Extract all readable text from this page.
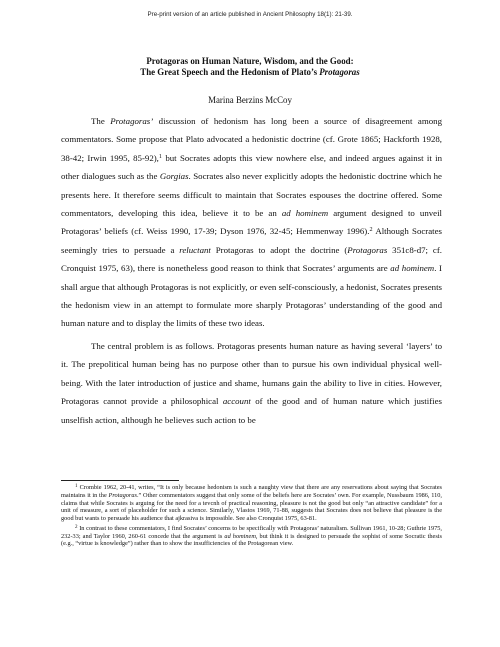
Pre-print version of an article published in Ancient Philosophy 18(1): 21-39.
Protagoras on Human Nature, Wisdom, and the Good:
The Great Speech and the Hedonism of Plato’s Protagoras
Marina Berzins McCoy

The Protagoras’ discussion of hedonism has long been a source of disagreement among commentators. Some propose that Plato advocated a hedonistic doctrine (cf. Grote 1865; Hackforth 1928, 38-42; Irwin 1995, 85-92),$^1$ but Socrates adopts this view nowhere else, and indeed argues against it in other dialogues such as the Gorgias. Socrates also never explicitly adopts the hedonistic doctrine which he presents here. It therefore seems difficult to maintain that Socrates espouses the doctrine offered. Some commentators, developing this idea, believe it to be an ad hominem argument designed to unveil Protagoras’ beliefs (cf. Weiss 1990, 17-39; Dyson 1976, 32-45; Hemmenway 1996).$^2$ Although Socrates seemingly tries to persuade a reluctant Protagoras to adopt the doctrine (Protagoras 351c8-d7; cf. Cronquist 1975, 63), there is nonetheless good reason to think that Socrates’ arguments are ad hominem. I shall argue that although Protagoras is not explicitly, or even self-consciously, a hedonist, Socrates presents the hedonism view in an attempt to formulate more sharply Protagoras’ understanding of the good and human nature and to display the limits of these two ideas.

The central problem is as follows. Protagoras presents human nature as having several ‘layers’ to it. The prepolitical human being has no purpose other than to pursue his own individual physical well-being. With the later introduction of justice and shame, humans gain the ability to live in cities. However, Protagoras cannot provide a philosophical account of the good and of human nature which justifies unselfish action, although he believes such action to be

$^1$ Crombie 1962, 20-41, writes, “It is only because hedonism is such a naughty view that there are any reservations about saying that Socrates maintains it in the Protagoras.” Other commentators suggest that only some of the beliefs here are Socrates’ own. For example, Nussbaum 1986, 110, claims that while Socrates is arguing for the need for a tevcnh of practical reasoning, pleasure is not the good but only “an attractive candidate” for a unit of measure, a sort of placeholder for such a science. Similarly, Vlastos 1969, 71-88, suggests that Socrates does not believe that pleasure is the good but wants to persuade his audience that ajkrasiva is impossible. See also Cronquist 1975, 63-81.

$^2$ In contrast to these commentators, I find Socrates’ concerns to be specifically with Protagoras’ naturalism. Sullivan 1961, 10-28; Guthrie 1975, 232-33; and Taylor 1960, 260-61 concede that the argument is ad hominem, but think it is designed to persuade the sophist of some Socratic thesis (e.g., “virtue is knowledge”) rather than to show the insufficiencies of the Protagorean view.
